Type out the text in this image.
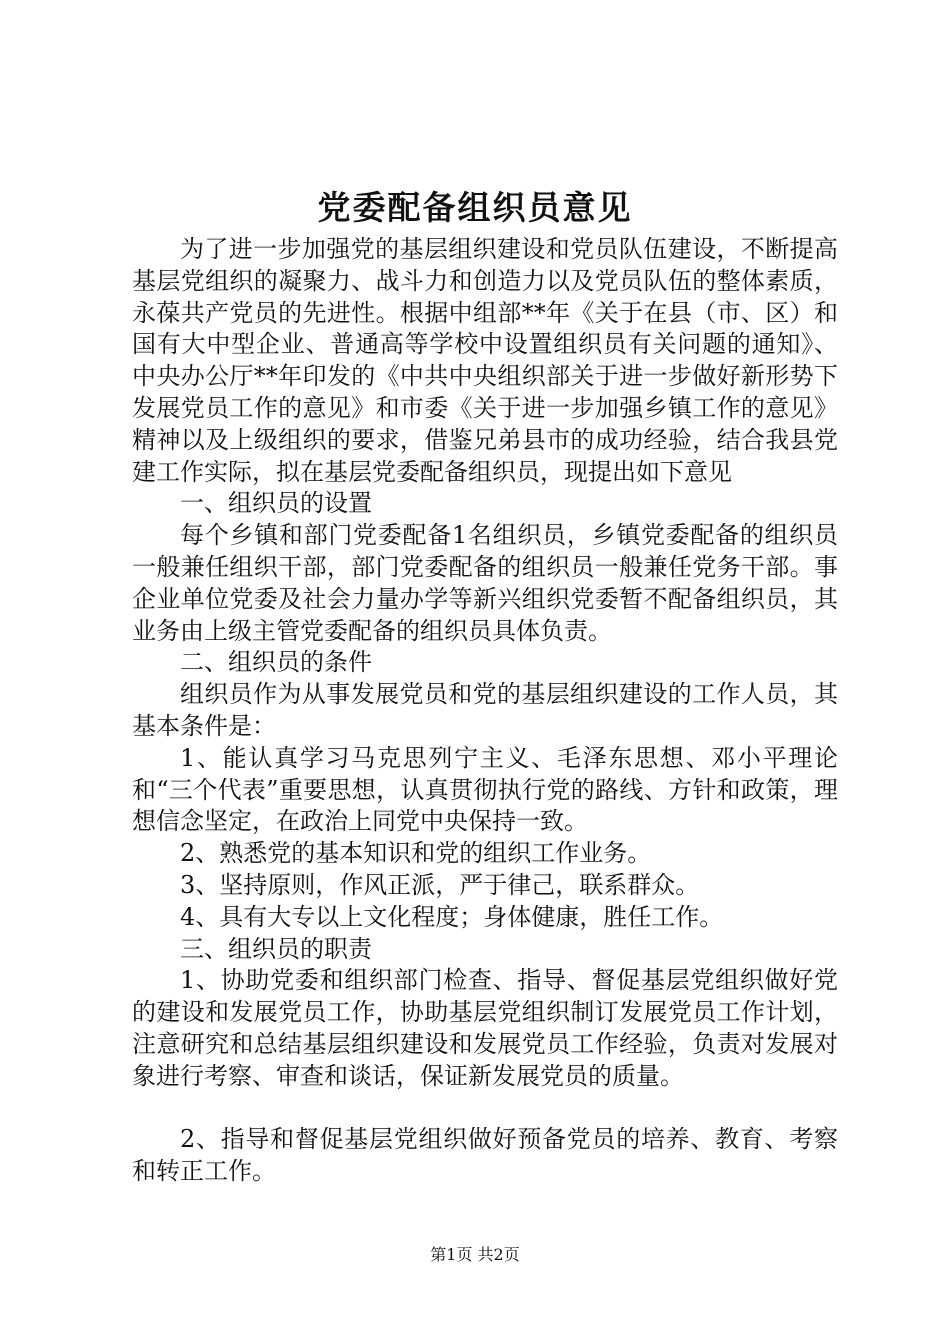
党委配备组织员意见

为了进一步加强党的基层组织建设和党员队伍建设，不断提高基层党组织的凝聚力、战斗力和创造力以及党员队伍的整体素质，永葆共产党员的先进性。根据中组部**年《关于在县（市、区）和国有大中型企业、普通高等学校中设置组织员有关问题的通知》、中央办公厅**年印发的《中共中央组织部关于进一步做好新形势下发展党员工作的意见》和市委《关于进一步加强乡镇工作的意见》精神以及上级组织的要求，借鉴兄弟县市的成功经验，结合我县党建工作实际，拟在基层党委配备组织员，现提出如下意见

一、组织员的设置

每个乡镇和部门党委配备1名组织员，乡镇党委配备的组织员一般兼任组织干部，部门党委配备的组织员一般兼任党务干部。事企业单位党委及社会力量办学等新兴组织党委暂不配备组织员，其业务由上级主管党委配备的组织员具体负责。

二、组织员的条件

组织员作为从事发展党员和党的基层组织建设的工作人员，其基本条件是：

1、能认真学习马克思列宁主义、毛泽东思想、邓小平理论和“三个代表”重要思想，认真贯彻执行党的路线、方针和政策，理想信念坚定，在政治上同党中央保持一致。

2、熟悉党的基本知识和党的组织工作业务。

3、坚持原则，作风正派，严于律己，联系群众。

4、具有大专以上文化程度；身体健康，胜任工作。

三、组织员的职责

1、协助党委和组织部门检查、指导、督促基层党组织做好党的建设和发展党员工作，协助基层党组织制订发展党员工作计划，注意研究和总结基层组织建设和发展党员工作经验，负责对发展对象进行考察、审查和谈话，保证新发展党员的质量。

2、指导和督促基层党组织做好预备党员的培养、教育、考察和转正工作。

第1页 共2页
